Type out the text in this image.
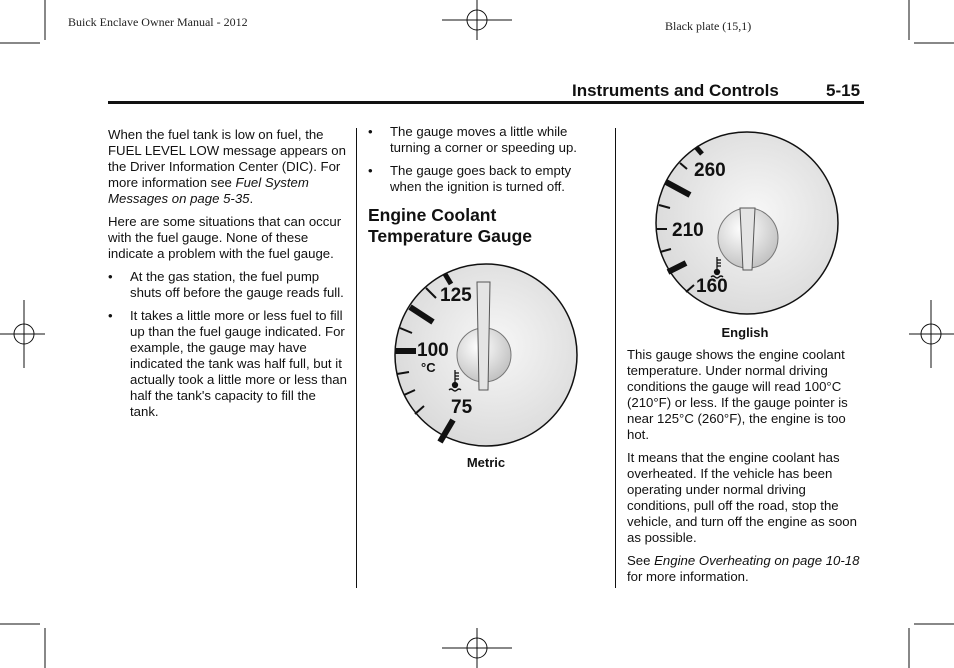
Buick Enclave Owner Manual - 2012	Black plate (15,1)
Instruments and Controls	5-15

When the fuel tank is low on fuel, the FUEL LEVEL LOW message appears on the Driver Information Center (DIC). For more information see Fuel System Messages on page 5-35.

Here are some situations that can occur with the fuel gauge. None of these indicate a problem with the fuel gauge.

• At the gas station, the fuel pump shuts off before the gauge reads full.
• It takes a little more or less fuel to fill up than the fuel gauge indicated. For example, the gauge may have indicated the tank was half full, but it actually took a little more or less than half the tank's capacity to fill the tank.
• The gauge moves a little while turning a corner or speeding up.
• The gauge goes back to empty when the ignition is turned off.
Engine Coolant Temperature Gauge
125
100
°C
75
Metric
260
210
160
English

This gauge shows the engine coolant temperature. Under normal driving conditions the gauge will read 100°C (210°F) or less. If the gauge pointer is near 125°C (260°F), the engine is too hot.

It means that the engine coolant has overheated. If the vehicle has been operating under normal driving conditions, pull off the road, stop the vehicle, and turn off the engine as soon as possible.

See Engine Overheating on page 10-18 for more information.
